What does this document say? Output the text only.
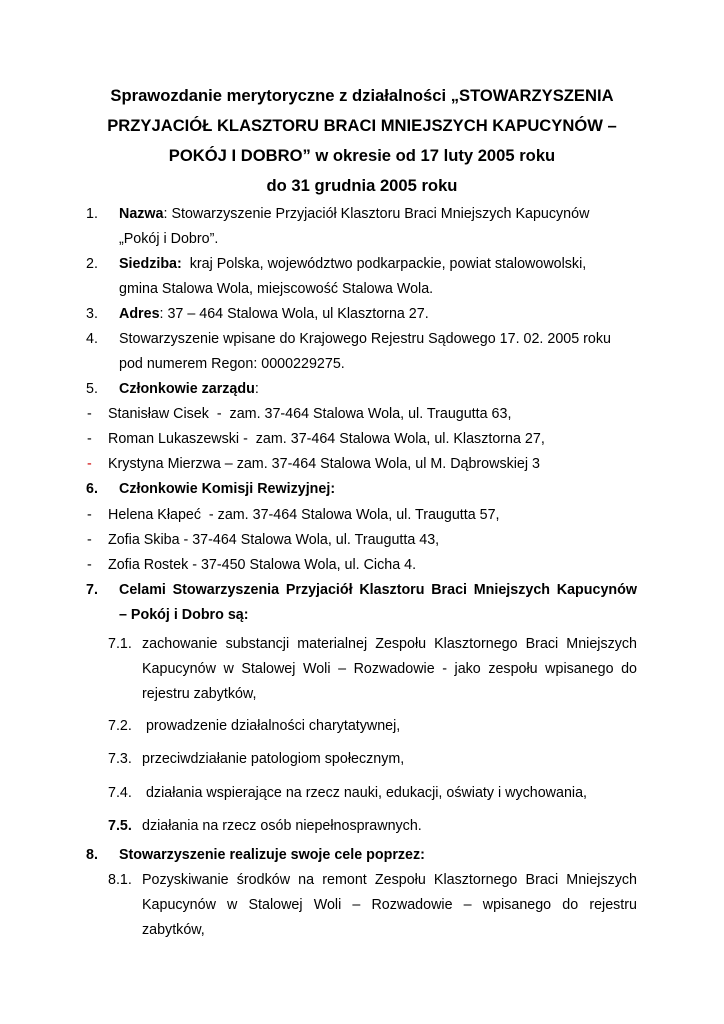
Sprawozdanie merytoryczne z działalności „STOWARZYSZENIA
PRZYJACIÓŁ KLASZTORU BRACI MNIEJSZYCH KAPUCYNÓW –
POKÓJ I DOBRO” w okresie od 17 luty 2005 roku
do 31 grudnia 2005 roku
1. Nazwa: Stowarzyszenie Przyjaciół Klasztoru Braci Mniejszych Kapucynów
„Pokój i Dobro”.
2. Siedziba:  kraj Polska, województwo podkarpackie, powiat stalowowolski,
gmina Stalowa Wola, miejscowość Stalowa Wola.
3. Adres: 37 – 464 Stalowa Wola, ul Klasztorna 27.
4. Stowarzyszenie wpisane do Krajowego Rejestru Sądowego 17. 02. 2005 roku
pod numerem Regon: 0000229275.
5. Członkowie zarządu:
- Stanisław Cisek  -  zam. 37-464 Stalowa Wola, ul. Traugutta 63,
- Roman Lukaszewski -  zam. 37-464 Stalowa Wola, ul. Klasztorna 27,
- Krystyna Mierzwa – zam. 37-464 Stalowa Wola, ul M. Dąbrowskiej 3
6. Członkowie Komisji Rewizyjnej:
- Helena Kłapeć  - zam. 37-464 Stalowa Wola, ul. Traugutta 57,
- Zofia Skiba - 37-464 Stalowa Wola, ul. Traugutta 43,
- Zofia Rostek - 37-450 Stalowa Wola, ul. Cicha 4.
7. Celami Stowarzyszenia Przyjaciół Klasztoru Braci Mniejszych Kapucynów
– Pokój i Dobro są:
7.1. zachowanie substancji materialnej Zespołu Klasztornego Braci Mniejszych
Kapucynów w Stalowej Woli – Rozwadowie - jako zespołu wpisanego do
rejestru zabytków,
7.2. prowadzenie działalności charytatywnej,
7.3. przeciwdziałanie patologiom społecznym,
7.4. działania wspierające na rzecz nauki, edukacji, oświaty i wychowania,
7.5. działania na rzecz osób niepełnosprawnych.
8. Stowarzyszenie realizuje swoje cele poprzez:
8.1. Pozyskiwanie środków na remont Zespołu Klasztornego Braci Mniejszych
Kapucynów w Stalowej Woli – Rozwadowie – wpisanego do rejestru
zabytków,
